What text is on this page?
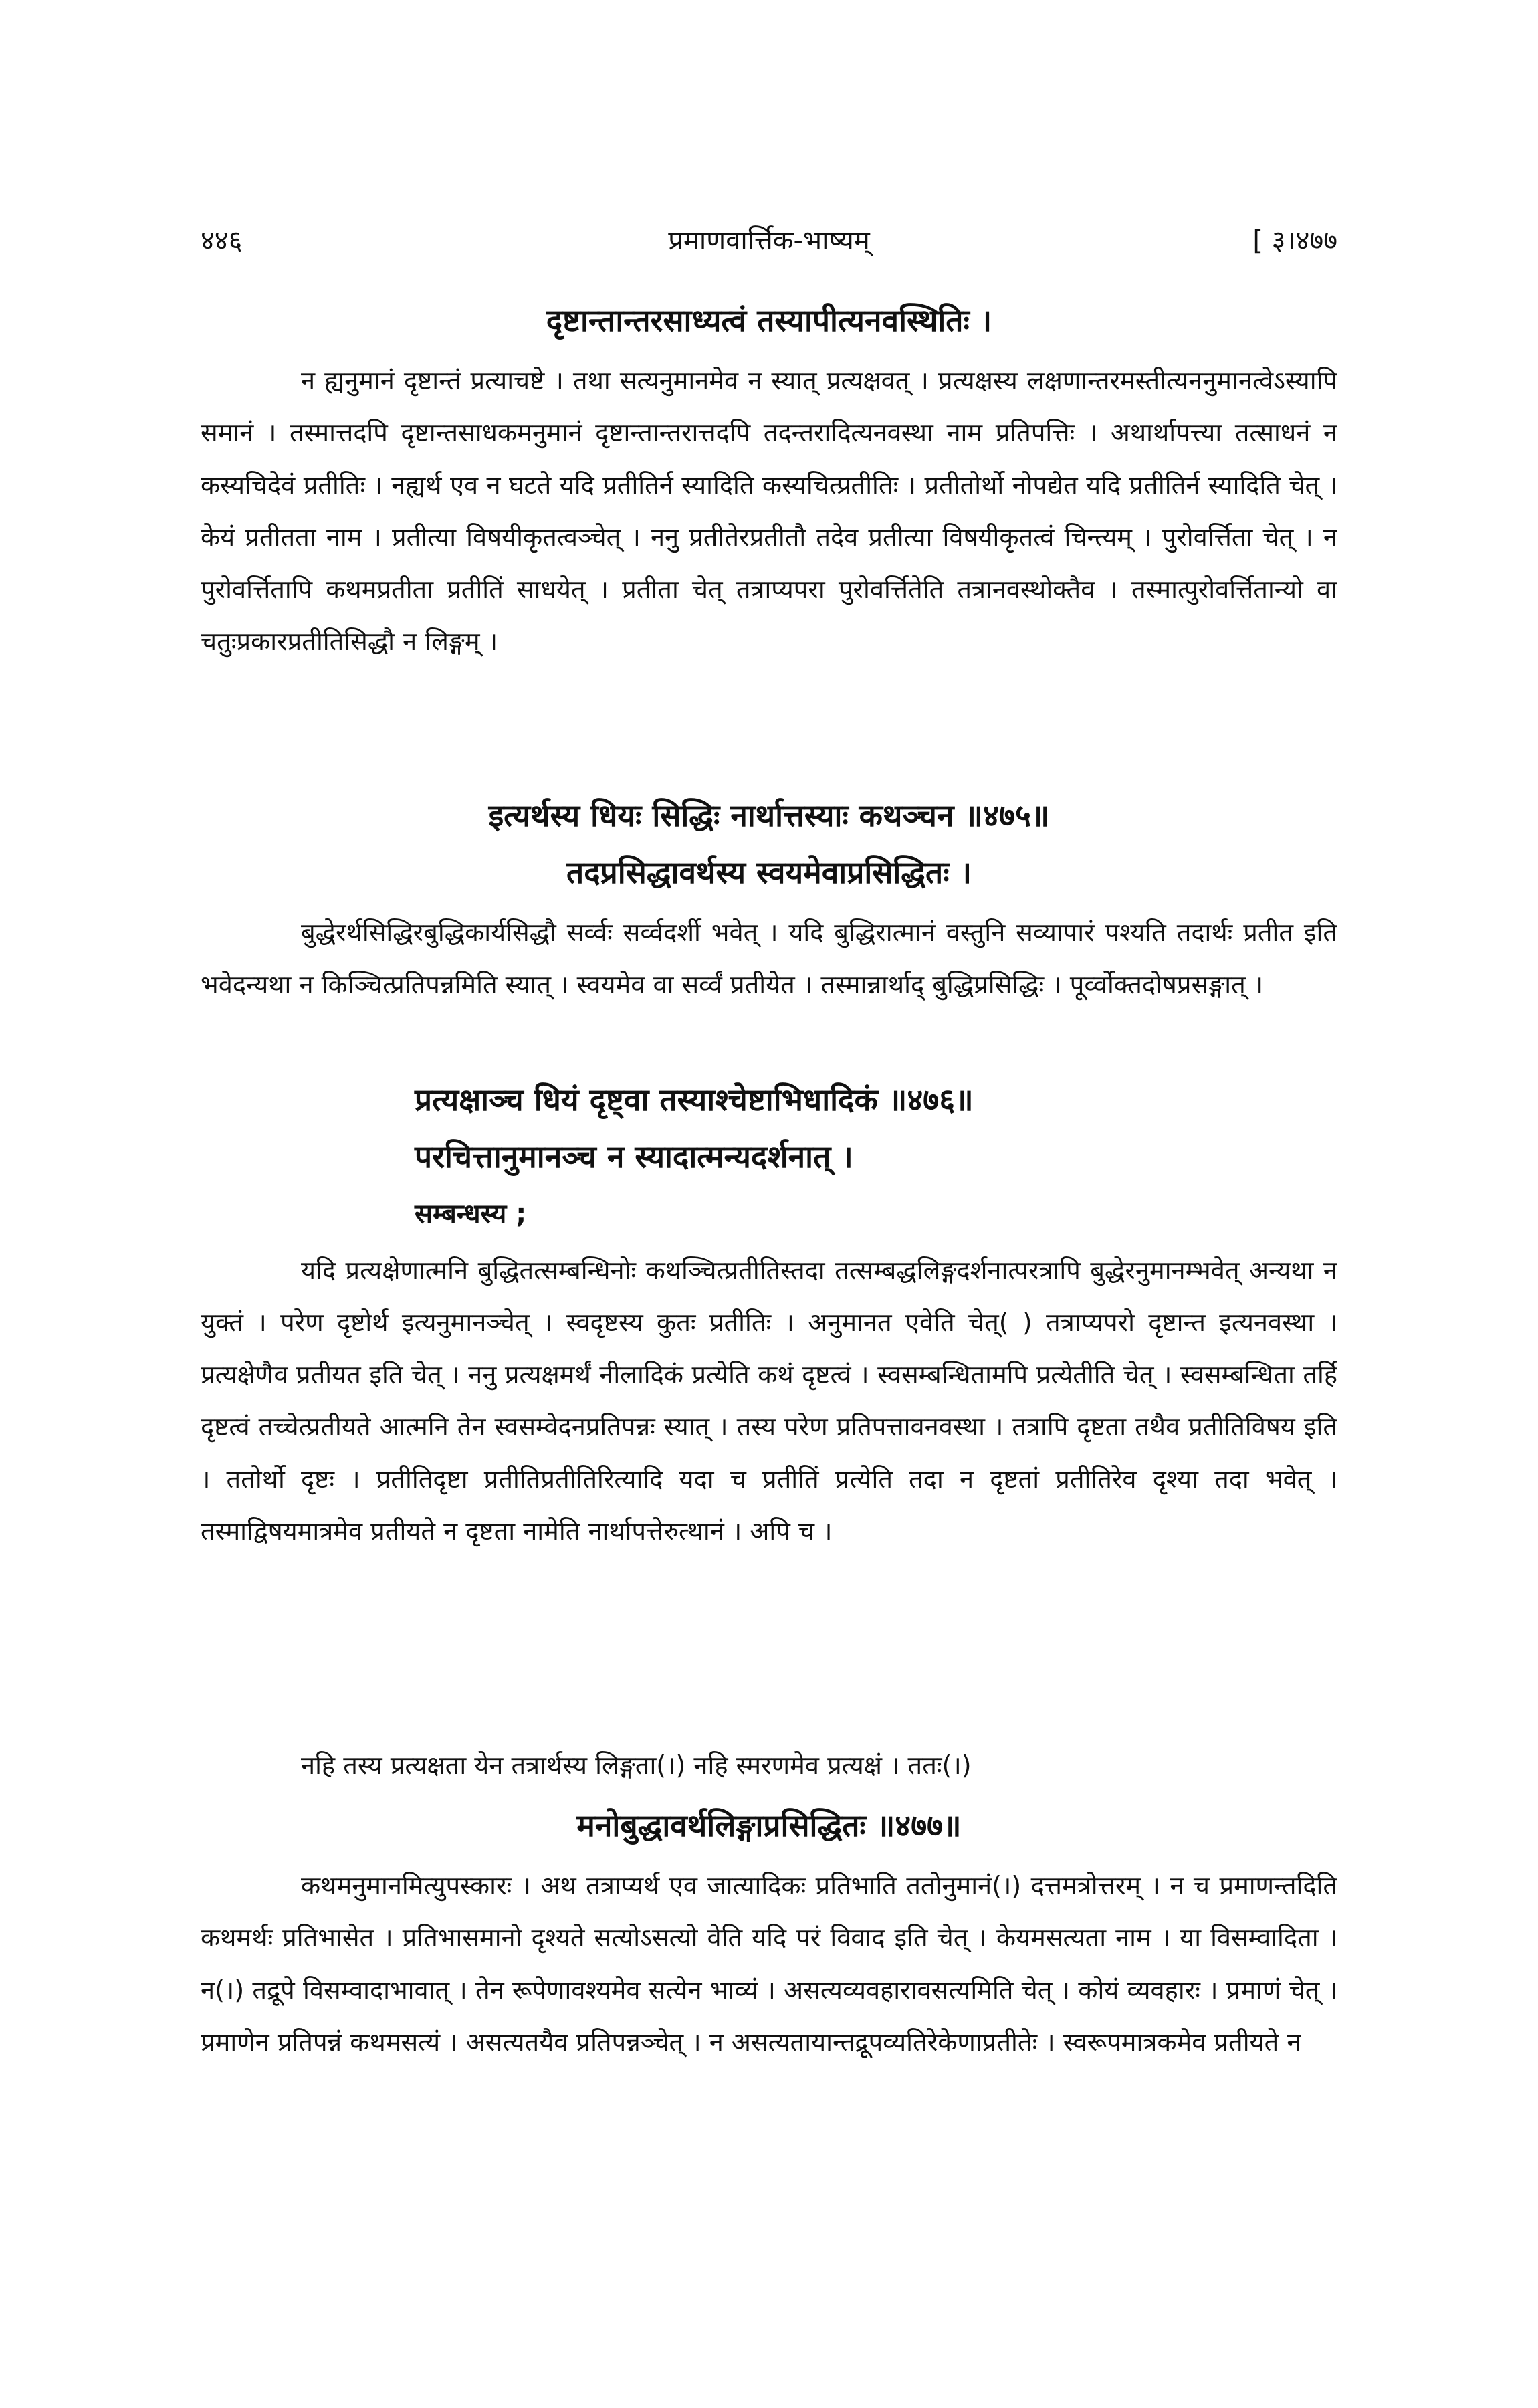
४४६	प्रमाणवार्त्तिक-भाष्यम्	[ ३।४७७
दृष्टान्तान्तरसाध्यत्वं तस्यापीत्यनवस्थितिः ।
न ह्यनुमानं दृष्टान्तं प्रत्याचष्टे । तथा सत्यनुमानमेव न स्यात् प्रत्यक्षवत् । प्रत्यक्षस्य लक्षणान्तरमस्तीत्यननुमानत्वेऽस्यापि समानं । तस्मात्तदपि दृष्टान्तसाधकमनुमानं दृष्टान्तान्तरात्तदपि तदन्तरादित्यनवस्था नाम प्रतिपत्तिः । अथार्थापत्त्या तत्साधनं न कस्यचिदेवं प्रतीतिः । नह्यर्थ एव न घटते यदि प्रतीतिर्न स्यादिति कस्यचित्प्रतीतिः । प्रतीतोर्थो नोपद्येत यदि प्रतीतिर्न स्यादिति चेत् । केयं प्रतीतता नाम । प्रतीत्या विषयीकृतत्वञ्चेत् । ननु प्रतीतेरप्रतीतौ तदेव प्रतीत्या विषयीकृतत्वं चिन्त्यम् । पुरोवर्त्तिता चेत् । न पुरोवर्त्तितापि कथमप्रतीता प्रतीतिं साधयेत् । प्रतीता चेत् तत्राप्यपरा पुरोवर्त्तितेति तत्रानवस्थोक्तैव । तस्मात्पुरोवर्त्तितान्यो वा चतुःप्रकारप्रतीतिसिद्धौ न लिङ्गम् ।
इत्यर्थस्य धियः सिद्धिः नार्थात्तस्याः कथञ्चन ॥४७५॥
तदप्रसिद्धावर्थस्य स्वयमेवाप्रसिद्धितः ।
बुद्धेरर्थसिद्धिरबुद्धिकार्यसिद्धौ सर्व्वः सर्व्वदर्शी भवेत् । यदि बुद्धिरात्मानं वस्तुनि सव्यापारं पश्यति तदार्थः प्रतीत इति भवेदन्यथा न किञ्चित्प्रतिपन्नमिति स्यात् । स्वयमेव वा सर्व्वं प्रतीयेत । तस्मान्नार्थाद् बुद्धिप्रसिद्धिः । पूर्व्वोक्तदोषप्रसङ्गात् ।
प्रत्यक्षाञ्च धियं दृष्ट्वा तस्याश्चेष्टाभिधादिकं ॥४७६॥
परचित्तानुमानञ्च न स्यादात्मन्यदर्शनात् ।
सम्बन्धस्य ;
यदि प्रत्यक्षेणात्मनि बुद्धितत्सम्बन्धिनोः कथञ्चित्प्रतीतिस्तदा तत्सम्बद्धलिङ्गदर्शनात्परत्रापि बुद्धेरनुमानम्भवेत् अन्यथा न युक्तं । परेण दृष्टोर्थ इत्यनुमानञ्चेत् । स्वदृष्टस्य कुतः प्रतीतिः । अनुमानत एवेति चेत्( ) तत्राप्यपरो दृष्टान्त इत्यनवस्था । प्रत्यक्षेणैव प्रतीयत इति चेत् । ननु प्रत्यक्षमर्थं नीलादिकं प्रत्येति कथं दृष्टत्वं । स्वसम्बन्धितामपि प्रत्येतीति चेत् । स्वसम्बन्धिता तर्हि दृष्टत्वं तच्चेत्प्रतीयते आत्मनि तेन स्वसम्वेदनप्रतिपन्नः स्यात् । तस्य परेण प्रतिपत्तावनवस्था । तत्रापि दृष्टता तथैव प्रतीतिविषय इति । ततोर्थो दृष्टः । प्रतीतिदृष्टा प्रतीतिप्रतीतिरित्यादि यदा च प्रतीतिं प्रत्येति तदा न दृष्टतां प्रतीतिरेव दृश्या तदा भवेत् । तस्माद्विषयमात्रमेव प्रतीयते न दृष्टता नामेति नार्थापत्तेरुत्थानं । अपि च ।
नहि तस्य प्रत्यक्षता येन तत्रार्थस्य लिङ्गता(।) नहि स्मरणमेव प्रत्यक्षं । ततः(।)
मनोबुद्धावर्थलिङ्गाप्रसिद्धितः ॥४७७॥
कथमनुमानमित्युपस्कारः । अथ तत्राप्यर्थ एव जात्यादिकः प्रतिभाति ततोनुमानं(।) दत्तमत्रोत्तरम् । न च प्रमाणन्तदिति कथमर्थः प्रतिभासेत । प्रतिभासमानो दृश्यते सत्योऽसत्यो वेति यदि परं विवाद इति चेत् । केयमसत्यता नाम । या विसम्वादिता । न(।) तद्रूपे विसम्वादाभावात् । तेन रूपेणावश्यमेव सत्येन भाव्यं । असत्यव्यवहारावसत्यमिति चेत् । कोयं व्यवहारः । प्रमाणं चेत् । प्रमाणेन प्रतिपन्नं कथमसत्यं । असत्यतयैव प्रतिपन्नञ्चेत् । न असत्यतायान्तद्रूपव्यतिरेकेणाप्रतीतेः । स्वरूपमात्रकमेव प्रतीयते न
